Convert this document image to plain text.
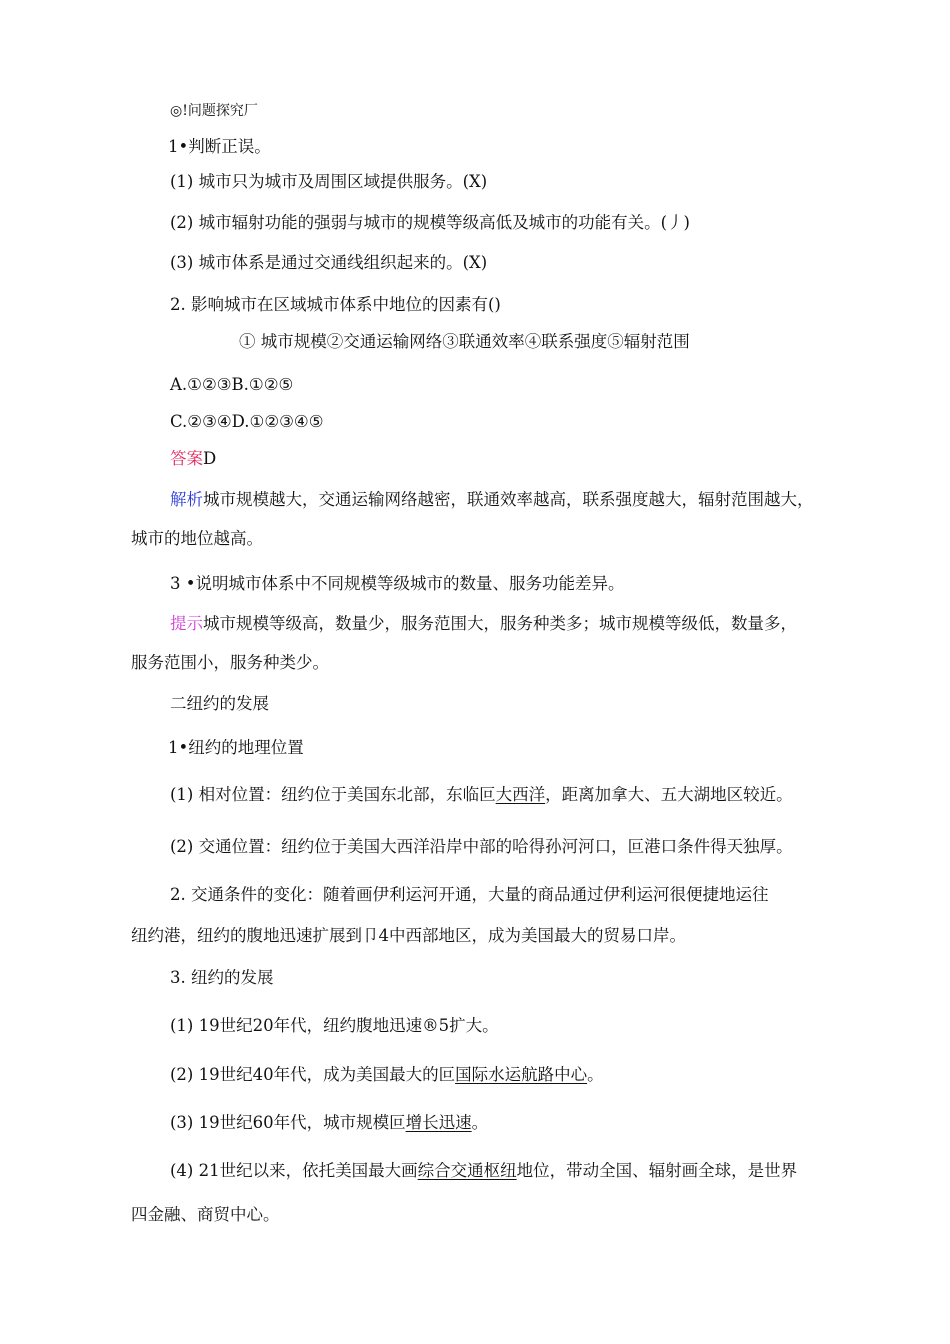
◎!问题探究厂
1•判断正误。
(1) 城市只为城市及周围区域提供服务。(X)
(2) 城市辐射功能的强弱与城市的规模等级高低及城市的功能有关。(丿)
(3) 城市体系是通过交通线组织起来的。(X)
2. 影响城市在区域城市体系中地位的因素有()
① 城市规模②交通运输网络③联通效率④联系强度⑤辐射范围
A.①②③B.①②⑤
C.②③④D.①②③④⑤
答案D
解析城市规模越大，交通运输网络越密，联通效率越高，联系强度越大，辐射范围越大，
城市的地位越高。
3 •说明城市体系中不同规模等级城市的数量、服务功能差异。
提示城市规模等级高，数量少，服务范围大，服务种类多；城市规模等级低，数量多，
服务范围小，服务种类少。
二纽约的发展
1•纽约的地理位置
(1) 相对位置：纽约位于美国东北部，东临叵大西洋，距离加拿大、五大湖地区较近。
(2) 交通位置：纽约位于美国大西洋沿岸中部的哈得孙河河口，叵港口条件得天独厚。
2. 交通条件的变化：随着画伊利运河开通，大量的商品通过伊利运河很便捷地运往
纽约港，纽约的腹地迅速扩展到卩4中西部地区，成为美国最大的贸易口岸。
3. 纽约的发展
(1) 19世纪20年代，纽约腹地迅速®5扩大。
(2) 19世纪40年代，成为美国最大的叵国际水运航路中心。
(3) 19世纪60年代，城市规模叵增长迅速。
(4) 21世纪以来，依托美国最大画综合交通枢纽地位，带动全国、辐射画全球，是世界
四金融、商贸中心。
